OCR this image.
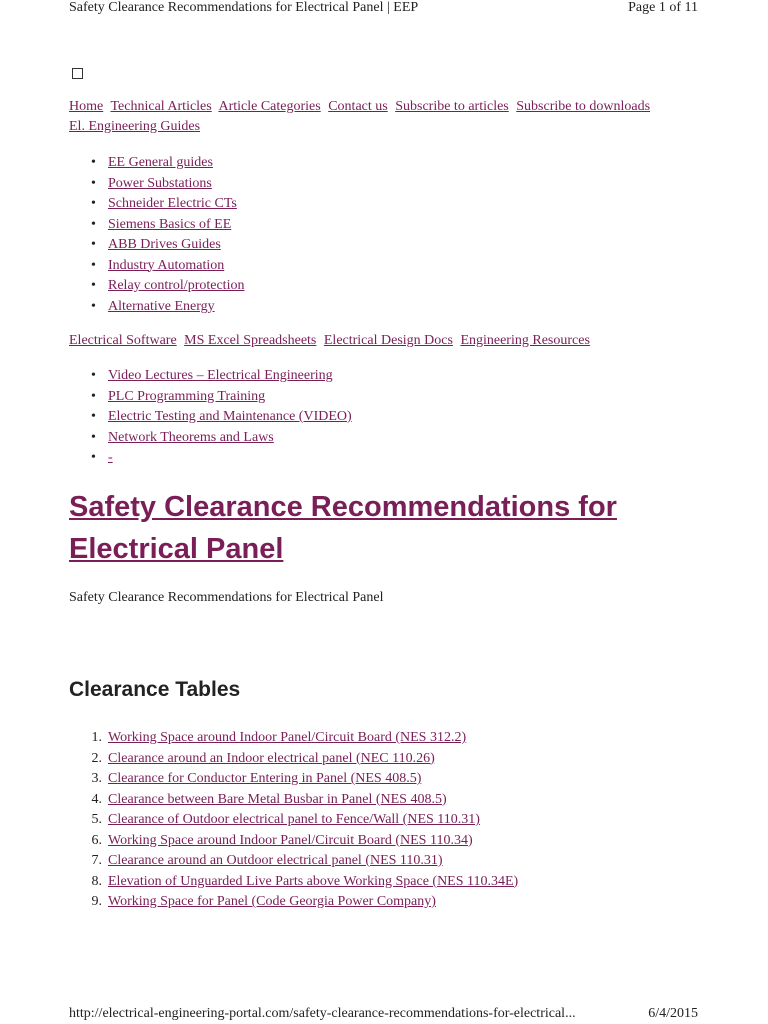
Safety Clearance Recommendations for Electrical Panel | EEP	Page 1 of 11
Home Technical Articles Article Categories Contact us Subscribe to articles Subscribe to downloads El. Engineering Guides
• EE General guides
• Power Substations
• Schneider Electric CTs
• Siemens Basics of EE
• ABB Drives Guides
• Industry Automation
• Relay control/protection
• Alternative Energy
Electrical Software MS Excel Spreadsheets Electrical Design Docs Engineering Resources
• Video Lectures – Electrical Engineering
• PLC Programming Training
• Electric Testing and Maintenance (VIDEO)
• Network Theorems and Laws
• -
Safety Clearance Recommendations for Electrical Panel
Safety Clearance Recommendations for Electrical Panel
Clearance Tables
1. Working Space around Indoor Panel/Circuit Board (NES 312.2)
2. Clearance around an Indoor electrical panel (NEC 110.26)
3. Clearance for Conductor Entering in Panel (NES 408.5)
4. Clearance between Bare Metal Busbar in Panel (NES 408.5)
5. Clearance of Outdoor electrical panel to Fence/Wall (NES 110.31)
6. Working Space around Indoor Panel/Circuit Board (NES 110.34)
7. Clearance around an Outdoor electrical panel (NES 110.31)
8. Elevation of Unguarded Live Parts above Working Space (NES 110.34E)
9. Working Space for Panel (Code Georgia Power Company)
http://electrical-engineering-portal.com/safety-clearance-recommendations-for-electrical...	6/4/2015
